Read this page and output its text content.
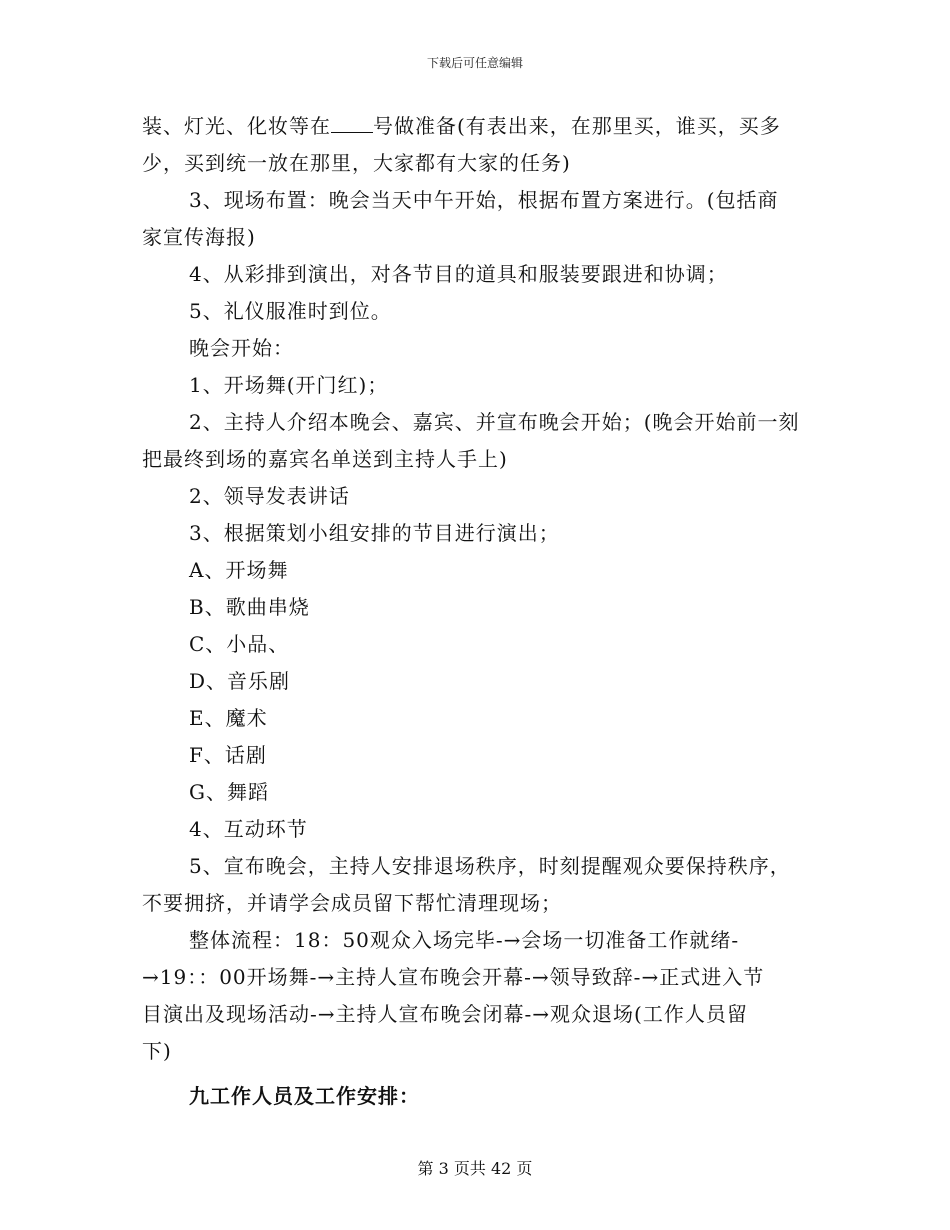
下载后可任意编辑
装、灯光、化妆等在 号做准备(有表出来，在那里买，谁买，买多
少，买到统一放在那里，大家都有大家的任务)
3、现场布置：晚会当天中午开始，根据布置方案进行。(包括商
家宣传海报)
4、从彩排到演出，对各节目的道具和服装要跟进和协调；
5、礼仪服准时到位。
晚会开始：
1、开场舞(开门红)；
2、主持人介绍本晚会、嘉宾、并宣布晚会开始；(晚会开始前一刻
把最终到场的嘉宾名单送到主持人手上)
2、领导发表讲话
3、根据策划小组安排的节目进行演出；
A、开场舞
B、歌曲串烧
C、小品、
D、音乐剧
E、魔术
F、话剧
G、舞蹈
4、互动环节
5、宣布晚会，主持人安排退场秩序，时刻提醒观众要保持秩序，
不要拥挤，并请学会成员留下帮忙清理现场；
整体流程：18：50观众入场完毕-→会场一切准备工作就绪-
→19：：00开场舞-→主持人宣布晚会开幕-→领导致辞-→正式进入节
目演出及现场活动-→主持人宣布晚会闭幕-→观众退场(工作人员留
下)
九工作人员及工作安排：
第 3 页共 42 页
